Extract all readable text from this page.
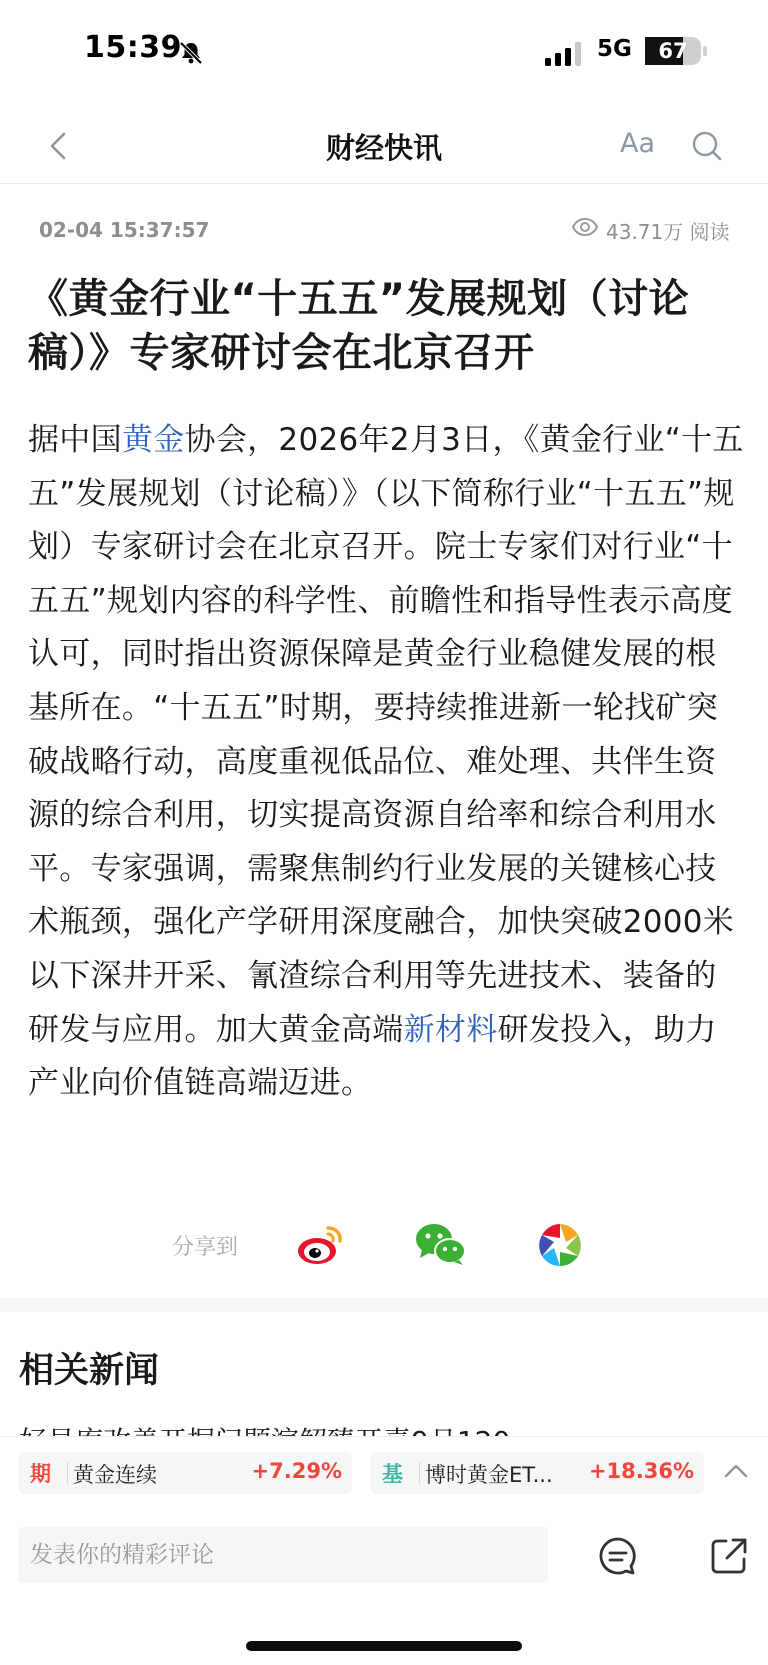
15:39	5G	67
财经快讯	Aa
02-04 15:37:57	43.71万 阅读
《黄金行业“十五五”发展规划（讨论稿）》专家研讨会在北京召开
据中国黄金协会，2026年2月3日，《黄金行业“十五五”发展规划（讨论稿）》（以下简称行业“十五五”规划）专家研讨会在北京召开。院士专家们对行业“十五五”规划内容的科学性、前瞻性和指导性表示高度认可，同时指出资源保障是黄金行业稳健发展的根基所在。“十五五”时期，要持续推进新一轮找矿突破战略行动，高度重视低品位、难处理、共伴生资源的综合利用，切实提高资源自给率和综合利用水平。专家强调，需聚焦制约行业发展的关键核心技术瓶颈，强化产学研用深度融合，加快突破2000米以下深井开采、氰渣综合利用等先进技术、装备的研发与应用。加大黄金高端新材料研发投入，助力产业向价值链高端迈进。
分享到
相关新闻
期 黄金连续	+7.29% 基 博时黄金ET... +18.36%
发表你的精彩评论
